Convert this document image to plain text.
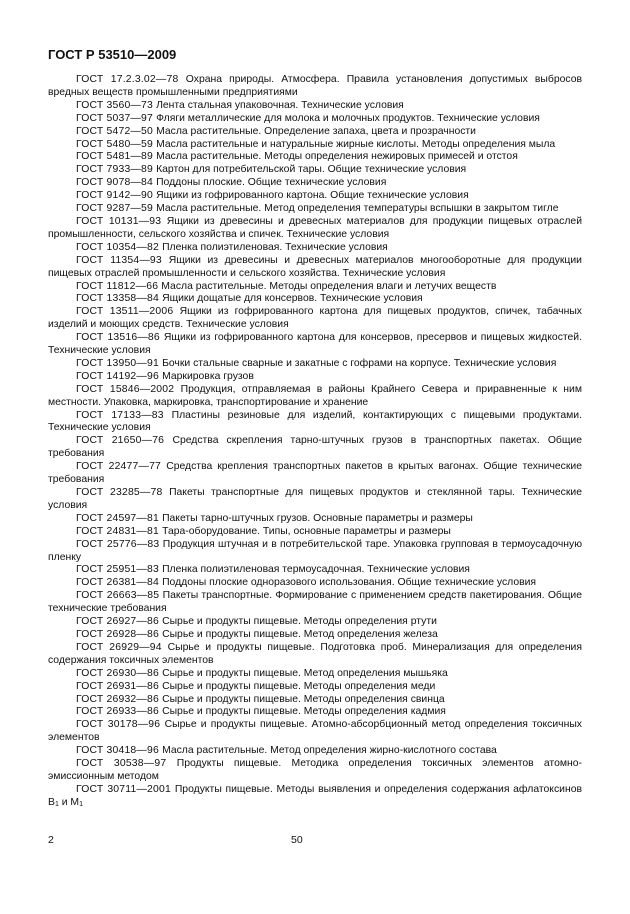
ГОСТ Р 53510—2009

ГОСТ 17.2.3.02—78 Охрана природы. Атмосфера. Правила установления допустимых выбросов вредных веществ промышленными предприятиями

ГОСТ 3560—73 Лента стальная упаковочная. Технические условия

ГОСТ 5037—97 Фляги металлические для молока и молочных продуктов. Технические условия

ГОСТ 5472—50 Масла растительные. Определение запаха, цвета и прозрачности

ГОСТ 5480—59 Масла растительные и натуральные жирные кислоты. Методы определения мыла

ГОСТ 5481—89 Масла растительные. Методы определения нежировых примесей и отстоя

ГОСТ 7933—89 Картон для потребительской тары. Общие технические условия

ГОСТ 9078—84 Поддоны плоские. Общие технические условия

ГОСТ 9142—90 Ящики из гофрированного картона. Общие технические условия

ГОСТ 9287—59 Масла растительные. Метод определения температуры вспышки в закрытом тигле

ГОСТ 10131—93 Ящики из древесины и древесных материалов для продукции пищевых отраслей промышленности, сельского хозяйства и спичек. Технические условия

ГОСТ 10354—82 Пленка полиэтиленовая. Технические условия

ГОСТ 11354—93 Ящики из древесины и древесных материалов многооборотные для продукции пищевых отраслей промышленности и сельского хозяйства. Технические условия

ГОСТ 11812—66 Масла растительные. Методы определения влаги и летучих веществ

ГОСТ 13358—84 Ящики дощатые для консервов. Технические условия

ГОСТ 13511—2006 Ящики из гофрированного картона для пищевых продуктов, спичек, табачных изделий и моющих средств. Технические условия

ГОСТ 13516—86 Ящики из гофрированного картона для консервов, пресервов и пищевых жидкостей. Технические условия

ГОСТ 13950—91 Бочки стальные сварные и закатные с гофрами на корпусе. Технические условия

ГОСТ 14192—96 Маркировка грузов

ГОСТ 15846—2002 Продукция, отправляемая в районы Крайнего Севера и приравненные к ним местности. Упаковка, маркировка, транспортирование и хранение

ГОСТ 17133—83 Пластины резиновые для изделий, контактирующих с пищевыми продуктами. Технические условия

ГОСТ 21650—76 Средства скрепления тарно-штучных грузов в транспортных пакетах. Общие требования

ГОСТ 22477—77 Средства крепления транспортных пакетов в крытых вагонах. Общие технические требования

ГОСТ 23285—78 Пакеты транспортные для пищевых продуктов и стеклянной тары. Технические условия

ГОСТ 24597—81 Пакеты тарно-штучных грузов. Основные параметры и размеры

ГОСТ 24831—81 Тара-оборудование. Типы, основные параметры и размеры

ГОСТ 25776—83 Продукция штучная и в потребительской таре. Упаковка групповая в термоусадочную пленку

ГОСТ 25951—83 Пленка полиэтиленовая термоусадочная. Технические условия

ГОСТ 26381—84 Поддоны плоские одноразового использования. Общие технические условия

ГОСТ 26663—85 Пакеты транспортные. Формирование с применением средств пакетирования. Общие технические требования

ГОСТ 26927—86 Сырье и продукты пищевые. Методы определения ртути

ГОСТ 26928—86 Сырье и продукты пищевые. Метод определения железа

ГОСТ 26929—94 Сырье и продукты пищевые. Подготовка проб. Минерализация для определения содержания токсичных элементов

ГОСТ 26930—86 Сырье и продукты пищевые. Метод определения мышьяка

ГОСТ 26931—86 Сырье и продукты пищевые. Методы определения меди

ГОСТ 26932—86 Сырье и продукты пищевые. Методы определения свинца

ГОСТ 26933—86 Сырье и продукты пищевые. Методы определения кадмия

ГОСТ 30178—96 Сырье и продукты пищевые. Атомно-абсорбционный метод определения токсичных элементов

ГОСТ 30418—96 Масла растительные. Метод определения жирно-кислотного состава

ГОСТ 30538—97 Продукты пищевые. Методика определения токсичных элементов атомно-эмиссионным методом

ГОСТ 30711—2001 Продукты пищевые. Методы выявления и определения содержания афлатоксинов B1 и M1

2	50
